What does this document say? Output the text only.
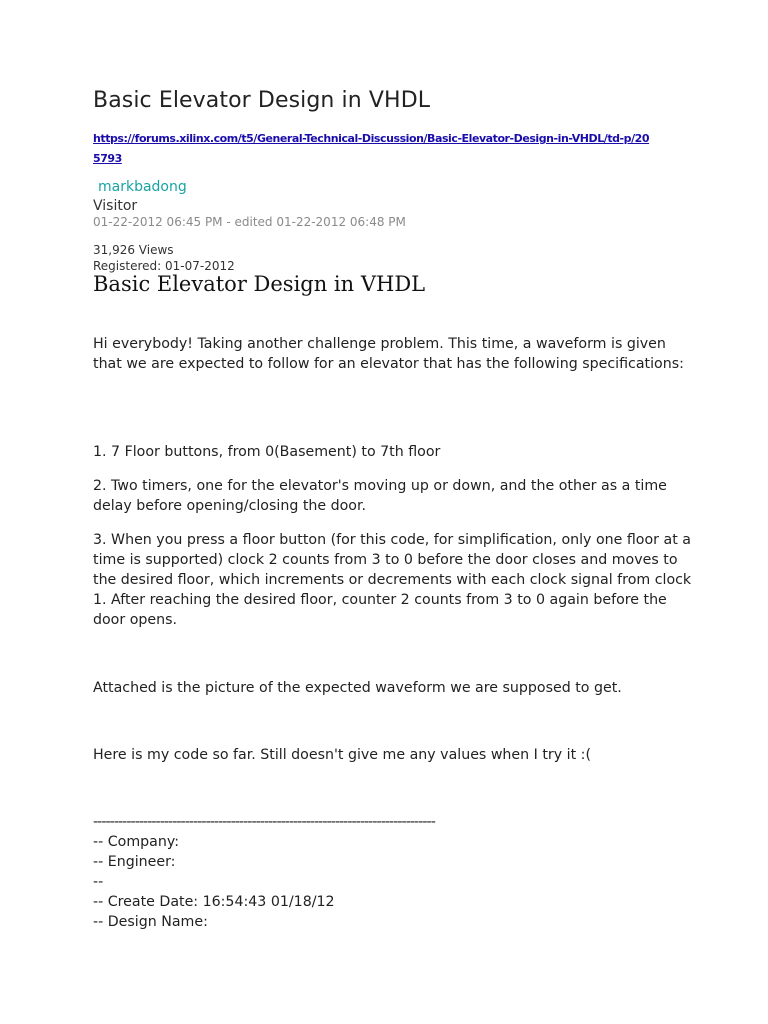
Basic Elevator Design in VHDL
https://forums.xilinx.com/t5/General-Technical-Discussion/Basic-Elevator-Design-in-VHDL/td-p/205793
markbadong
Visitor
01-22-2012 06:45 PM - edited 01-22-2012 06:48 PM
31,926 Views
Registered: 01-07-2012
Basic Elevator Design in VHDL

Hi everybody! Taking another challenge problem. This time, a waveform is given that we are expected to follow for an elevator that has the following specifications:

1. 7 Floor buttons, from 0(Basement) to 7th floor

2. Two timers, one for the elevator's moving up or down, and the other as a time delay before opening/closing the door.

3. When you press a floor button (for this code, for simplification, only one floor at a time is supported) clock 2 counts from 3 to 0 before the door closes and moves to the desired floor, which increments or decrements with each clock signal from clock 1. After reaching the desired floor, counter 2 counts from 3 to 0 again before the door opens.

Attached is the picture of the expected waveform we are supposed to get.

Here is my code so far. Still doesn't give me any values when I try it :(

----------------------------------------------------------------------------------

-- Company:

-- Engineer:

--

-- Create Date: 16:54:43 01/18/12

-- Design Name:
